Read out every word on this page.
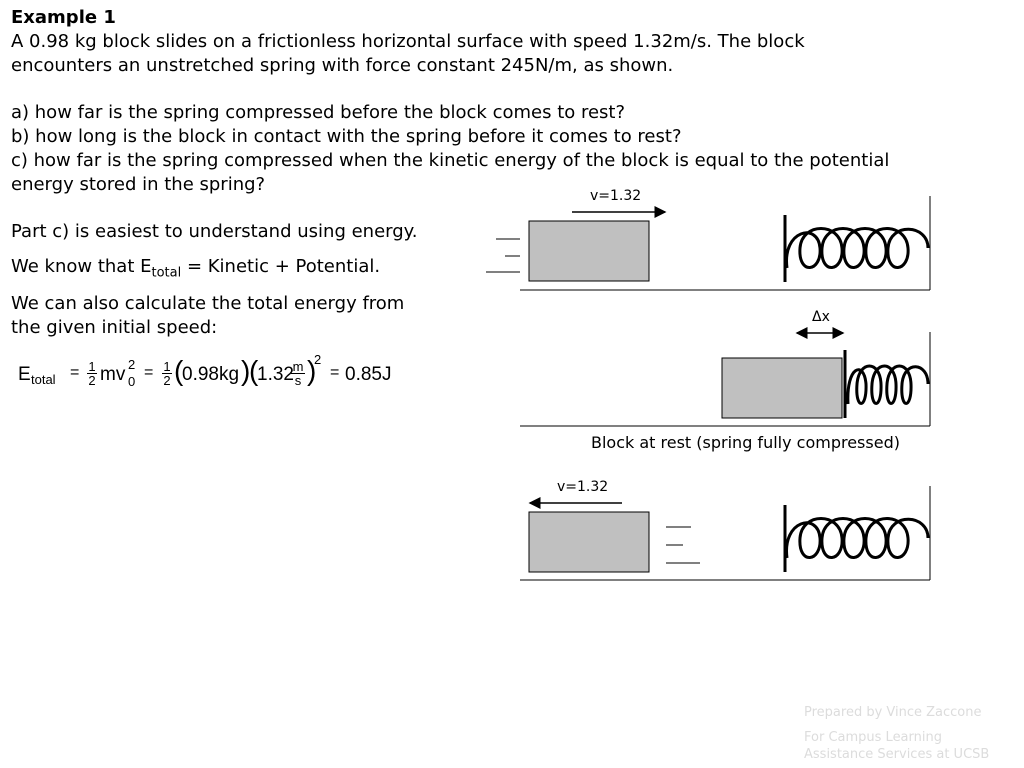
Example 1
A 0.98 kg block slides on a frictionless horizontal surface with speed 1.32m/s. The block
encounters an unstretched spring with force constant 245N/m, as shown.
a) how far is the spring compressed before the block comes to rest?
b) how long is the block in contact with the spring before it comes to rest?
c) how far is the spring compressed when the kinetic energy of the block is equal to the potential
energy stored in the spring?
Part c) is easiest to understand using energy.
We know that $E_{total}$ = Kinetic + Potential.
We can also calculate the total energy from
the given initial speed:
E total = $\frac{1}{2}$ mv 2
0
= $\frac{1}{2}$ (
0.98kg )
(
1.32
$\frac{m}{s}$ )
2
= 0.85J
v=1.32
Δx
Block at rest (spring fully compressed)
v=1.32
Prepared by Vince Zaccone
For Campus Learning
Assistance Services at UCSB
